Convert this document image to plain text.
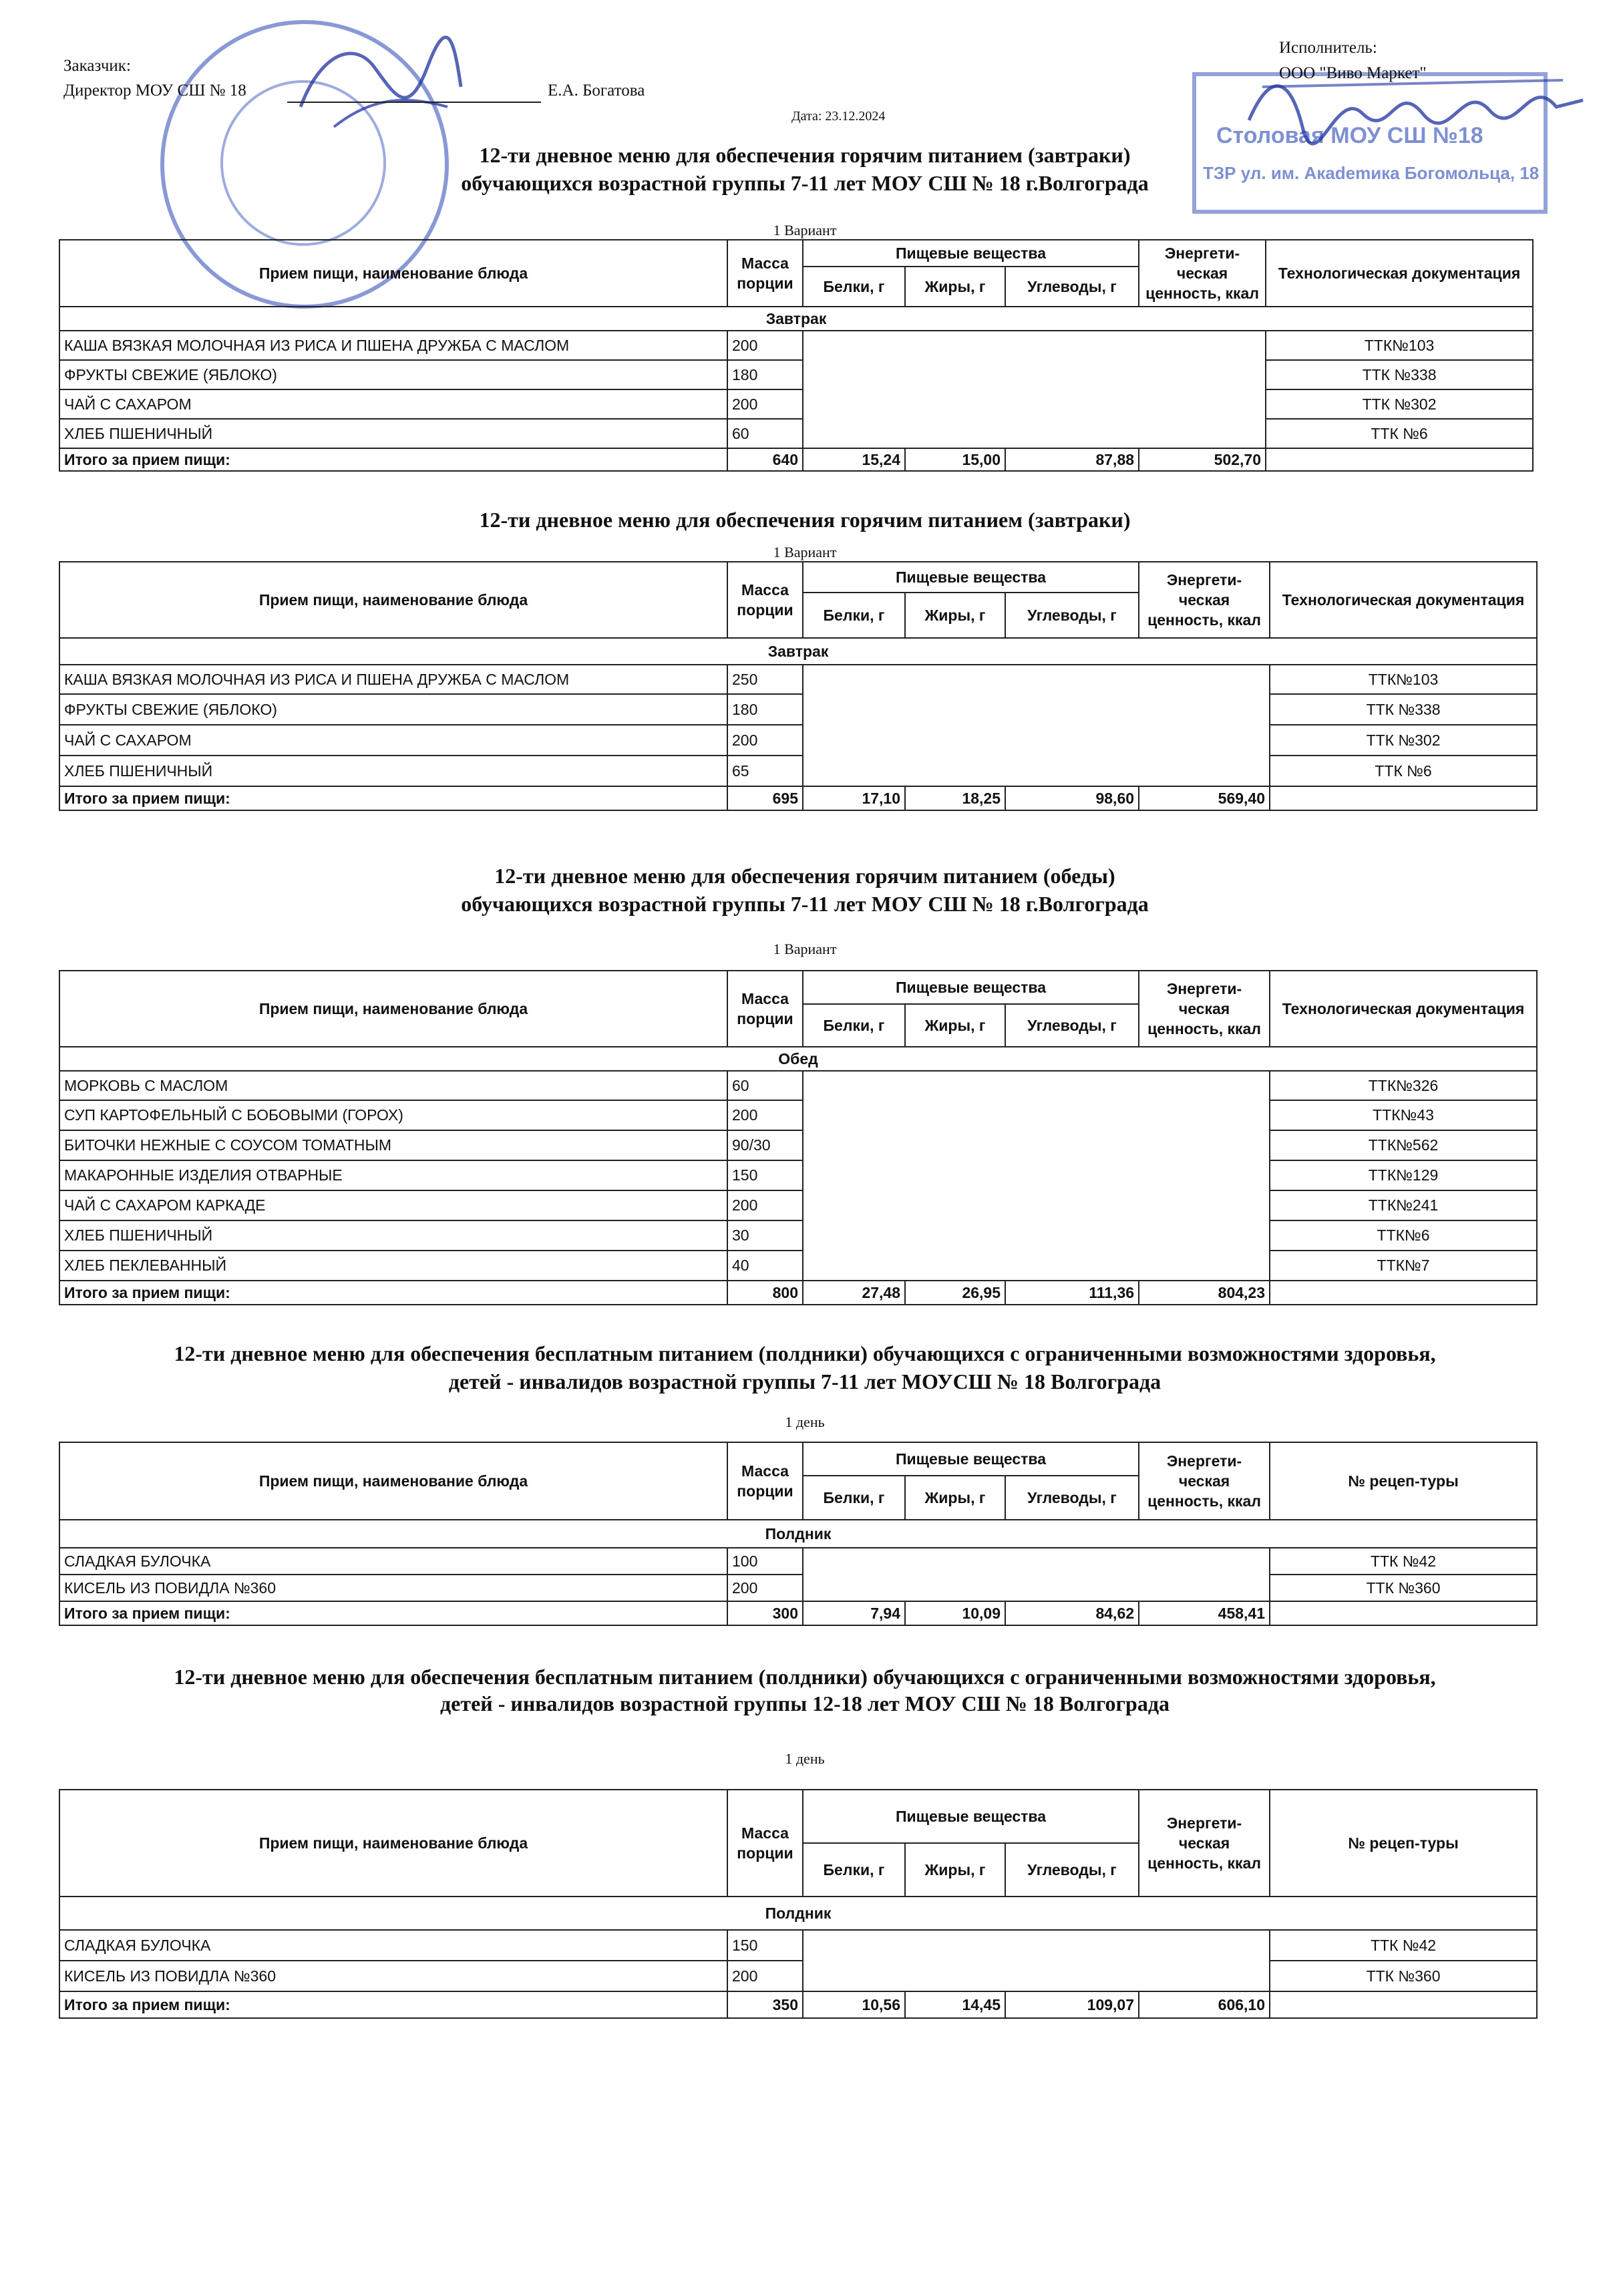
Столовая МОУ СШ №18
ТЗР ул. им. Акademика Богомольца, 18
Заказчик:
Директор МОУ СШ № 18	Е.А. Богатова
Исполнитель:
ООО "Виво Маркет"
Дата: 23.12.2024
12-ти дневное меню для обеспечения горячим питанием (завтраки)
обучающихся возрастной группы 7-11 лет МОУ СШ № 18 г.Волгограда
1 Вариант
Прием пищи, наименование блюда	Масса порции	Пищевые вещества			Энергети-ческая ценность, ккал	Технологическая документация
		Белки, г	Жиры, г	Углеводы, г		
Завтрак						
КАША ВЯЗКАЯ МОЛОЧНАЯ ИЗ РИСА И ПШЕНА ДРУЖБА С МАСЛОМ	200					ТТК№103
ФРУКТЫ СВЕЖИЕ (ЯБЛОКО)	180					ТТК №338
ЧАЙ С САХАРОМ	200					ТТК №302
ХЛЕБ ПШЕНИЧНЫЙ	60					ТТК №6
Итого за прием пищи:	640	15,24	15,00	87,88	502,70	
12-ти дневное меню для обеспечения горячим питанием (завтраки)
1 Вариант
Прием пищи, наименование блюда	Масса порции	Пищевые вещества			Энергети-ческая ценность, ккал	Технологическая документация
		Белки, г	Жиры, г	Углеводы, г		
Завтрак						
КАША ВЯЗКАЯ МОЛОЧНАЯ ИЗ РИСА И ПШЕНА ДРУЖБА С МАСЛОМ	250					ТТК№103
ФРУКТЫ СВЕЖИЕ (ЯБЛОКО)	180					ТТК №338
ЧАЙ С САХАРОМ	200					ТТК №302
ХЛЕБ ПШЕНИЧНЫЙ	65					ТТК №6
Итого за прием пищи:	695	17,10	18,25	98,60	569,40	
12-ти дневное меню для обеспечения горячим питанием (обеды)
обучающихся возрастной группы 7-11 лет МОУ СШ № 18 г.Волгограда
1 Вариант
Прием пищи, наименование блюда	Масса порции	Пищевые вещества			Энергети-ческая ценность, ккал	Технологическая документация
		Белки, г	Жиры, г	Углеводы, г		
Обед						
МОРКОВЬ С МАСЛОМ	60					ТТК№326
СУП КАРТОФЕЛЬНЫЙ С БОБОВЫМИ (ГОРОХ)	200					ТТК№43
БИТОЧКИ НЕЖНЫЕ С СОУСОМ ТОМАТНЫМ	90/30					ТТК№562
МАКАРОННЫЕ ИЗДЕЛИЯ ОТВАРНЫЕ	150					ТТК№129
ЧАЙ С САХАРОМ КАРКАДЕ	200					ТТК№241
ХЛЕБ ПШЕНИЧНЫЙ	30					ТТК№6
ХЛЕБ ПЕКЛЕВАННЫЙ	40					ТТК№7
Итого за прием пищи:	800	27,48	26,95	111,36	804,23	
12-ти дневное меню для обеспечения бесплатным питанием (полдники) обучающихся с ограниченными возможностями здоровья,
детей - инвалидов возрастной группы 7-11 лет МОУСШ № 18 Волгограда
1 день
Прием пищи, наименование блюда	Масса порции	Пищевые вещества			Энергети-ческая ценность, ккал	№ рецеп-туры
		Белки, г	Жиры, г	Углеводы, г		
Полдник						
СЛАДКАЯ БУЛОЧКА	100					ТТК №42
КИСЕЛЬ ИЗ ПОВИДЛА №360	200					ТТК №360
Итого за прием пищи:	300	7,94	10,09	84,62	458,41	
12-ти дневное меню для обеспечения бесплатным питанием (полдники) обучающихся с ограниченными возможностями здоровья,
детей - инвалидов возрастной группы 12-18 лет МОУ СШ № 18 Волгограда
1 день
Прием пищи, наименование блюда	Масса порции	Пищевые вещества			Энергети-ческая ценность, ккал	№ рецеп-туры
		Белки, г	Жиры, г	Углеводы, г		
Полдник						
СЛАДКАЯ БУЛОЧКА	150					ТТК №42
КИСЕЛЬ ИЗ ПОВИДЛА №360	200					ТТК №360
Итого за прием пищи:	350	10,56	14,45	109,07	606,10	
